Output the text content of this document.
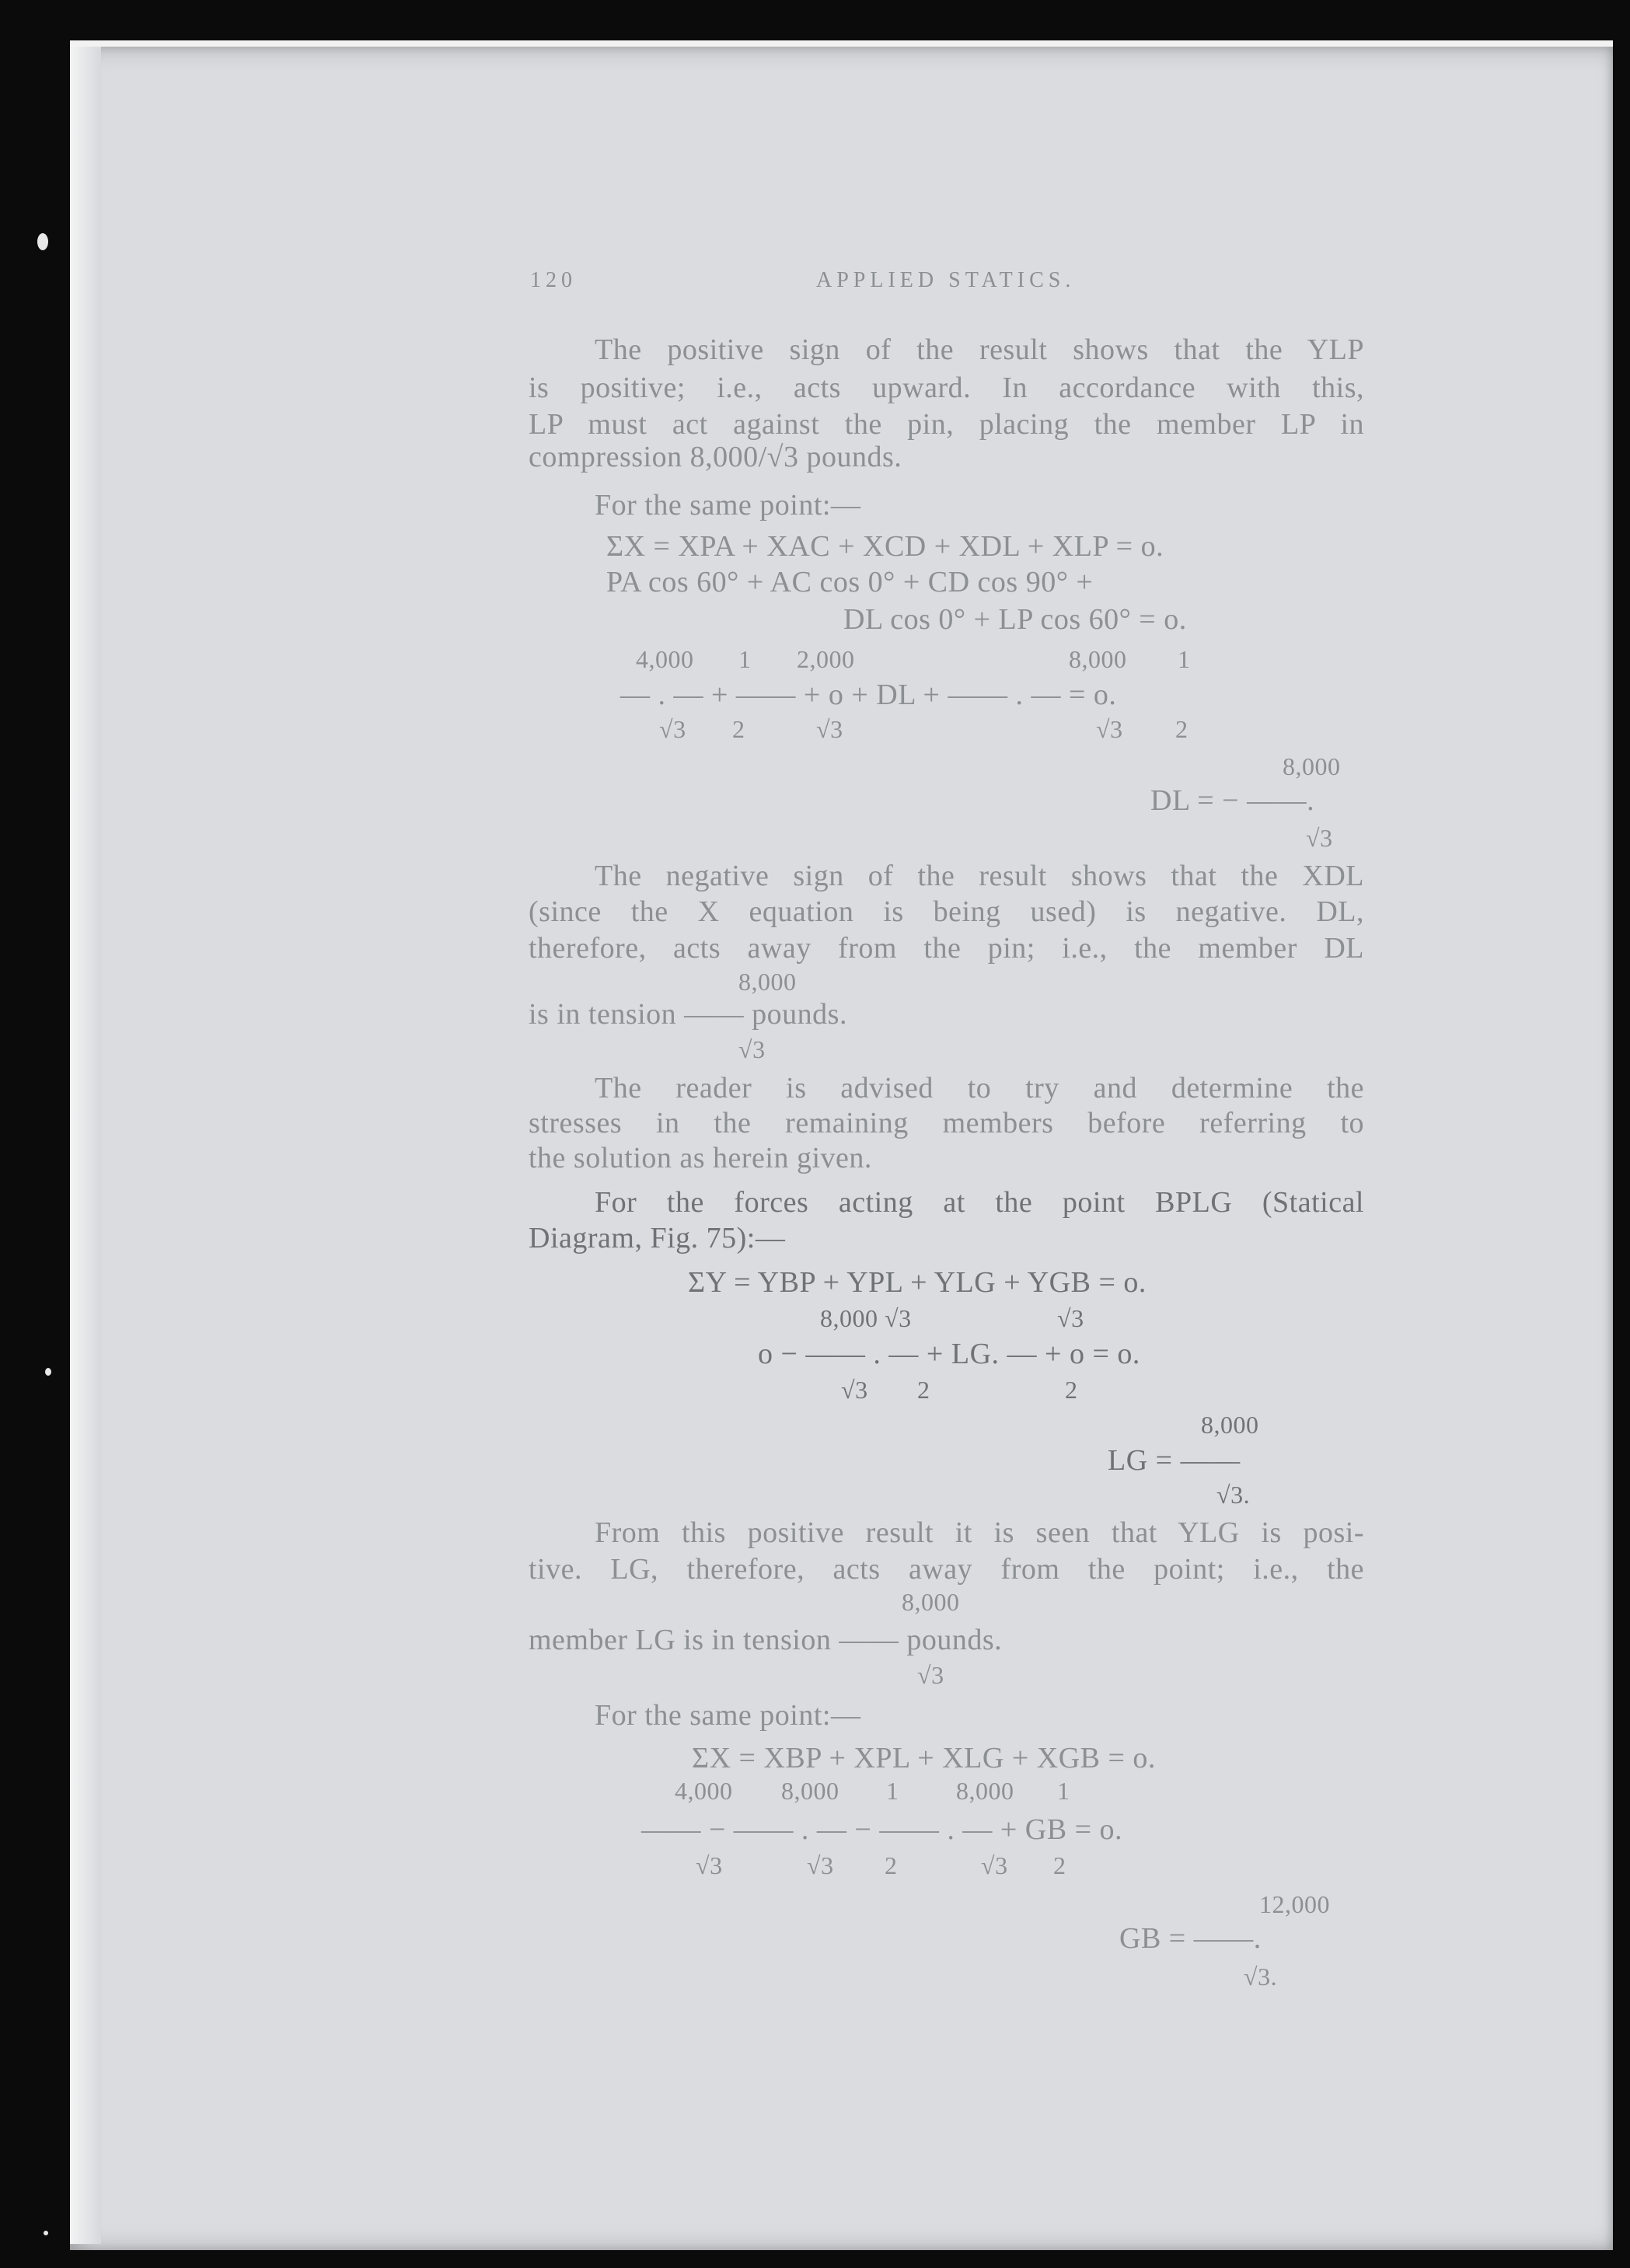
120	APPLIED STATICS.
The positive sign of the result shows that the YLP
is positive; i.e., acts upward. In accordance with this,
LP must act against the pin, placing the member LP in
compression 8,000/√3 pounds.
For the same point:—
ΣX = XPA + XAC + XCD + XDL + XLP = o.
PA cos 60° + AC cos 0° + CD cos 90° +
DL cos 0° + LP cos 60° = o.
4,000 1 2,000	8,000 1
— . — + —— + o + DL + —— . — = o.
√3 2	√3	√3 2
8,000
DL = − ——.
√3
The negative sign of the result shows that the XDL
(since the X equation is being used) is negative. DL,
therefore, acts away from the pin; i.e., the member DL
8,000
is in tension —— pounds.
√3
The reader is advised to try and determine the
stresses in the remaining members before referring to
the solution as herein given.
For the forces acting at the point BPLG (Statical
Diagram, Fig. 75):—
ΣY = YBP + YPL + YLG + YGB = o.
8,000 √3	√3
o − —— . — + LG. — + o = o.
√3 2	2
8,000
LG = ——
√3.
From this positive result it is seen that YLG is posi-
tive. LG, therefore, acts away from the point; i.e., the
8,000
member LG is in tension —— pounds.
√3
For the same point:—
ΣX = XBP + XPL + XLG + XGB = o.
4,000 8,000 1 8,000 1
—— − —— . — − —— . — + GB = o.
√3	√3 2	√3 2
12,000
GB = ——.
√3.
